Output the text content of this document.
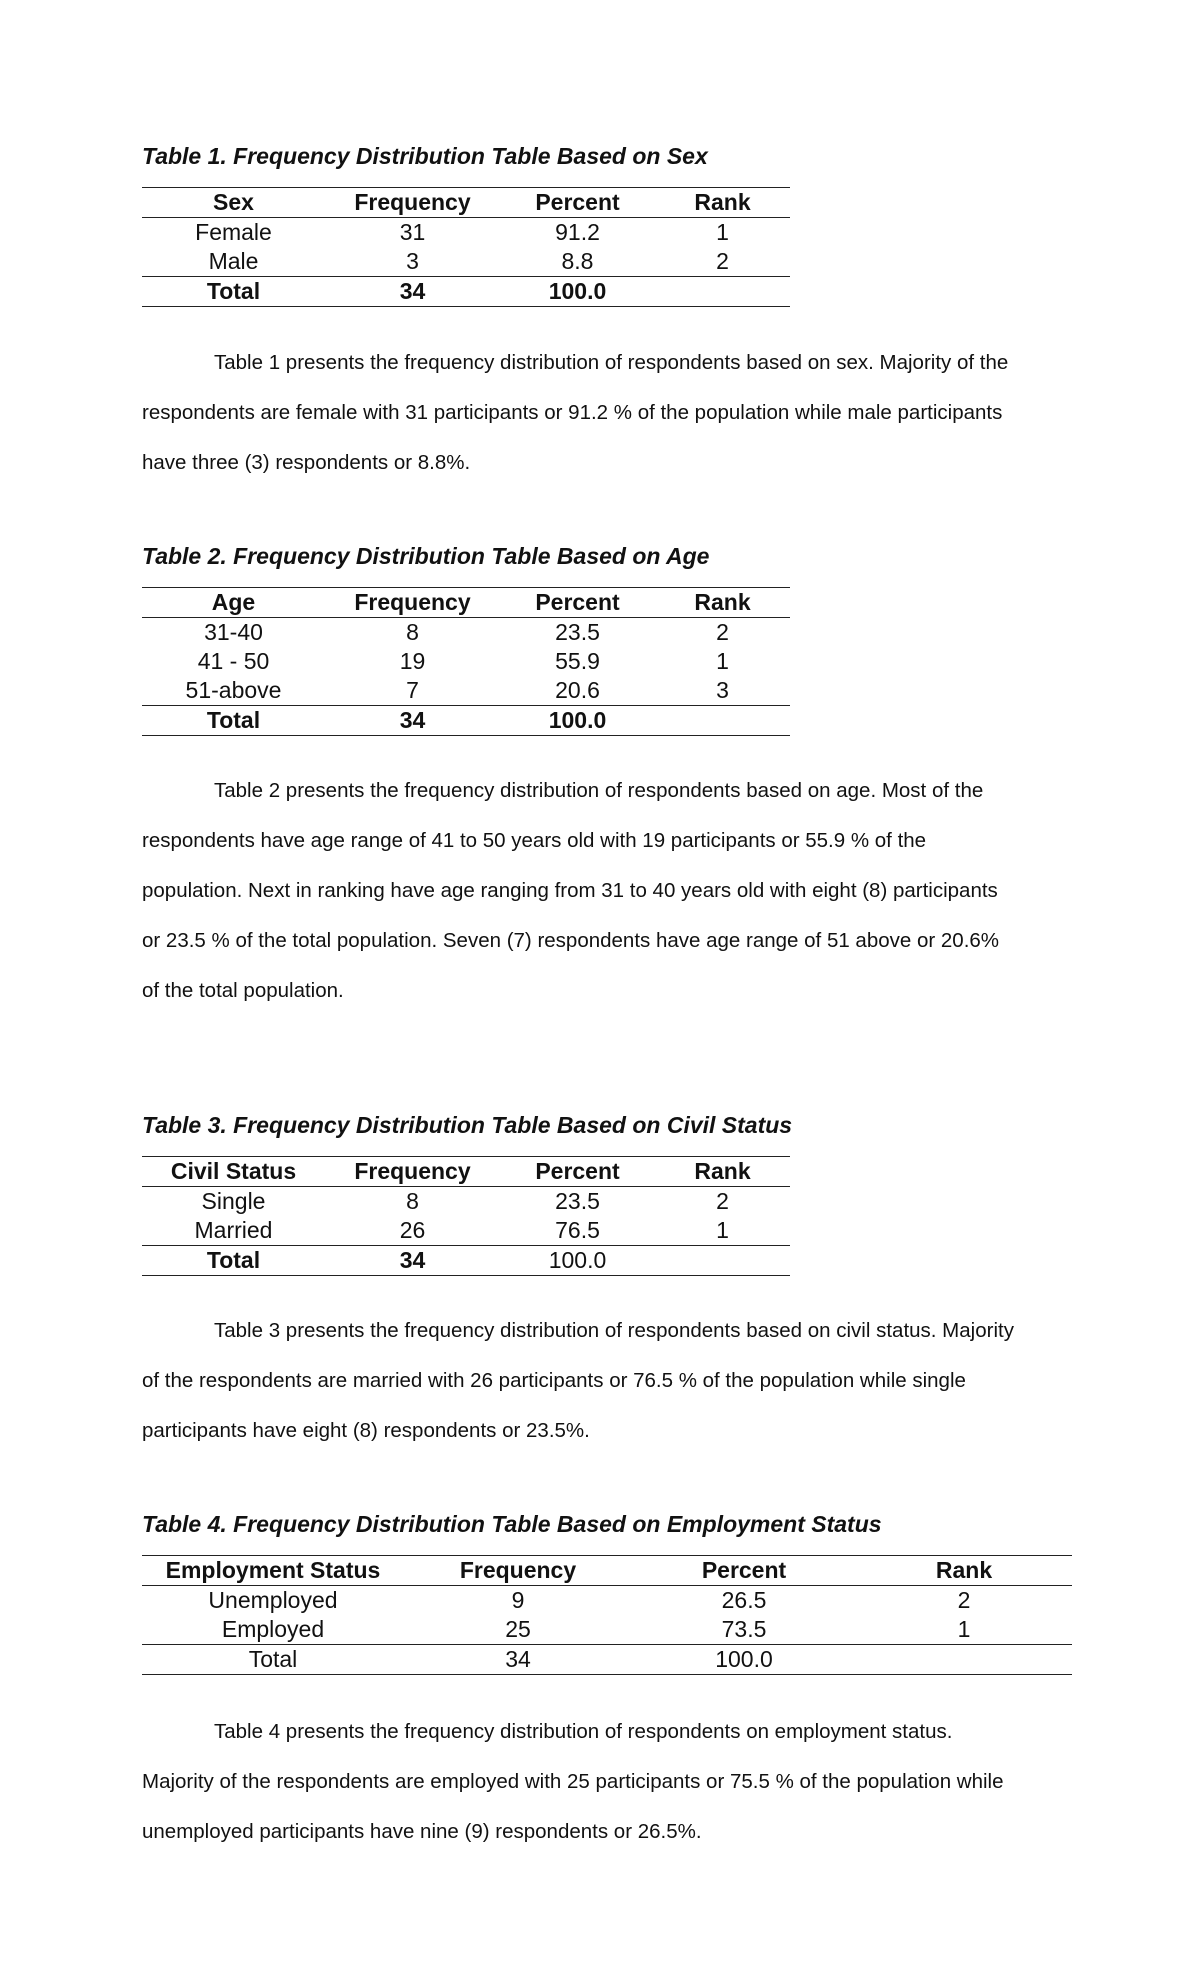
Table 1. Frequency Distribution Table Based on Sex

Sex	Frequency	Percent	Rank
Female	31	91.2	1
Male	3	8.8	2
Total	34	100.0	
Table 1 presents the frequency distribution of respondents based on sex. Majority of the
respondents are female with 31 participants or 91.2 % of the population while male participants
have three (3) respondents or 8.8%.

Table 2. Frequency Distribution Table Based on Age

Age	Frequency	Percent	Rank
31-40	8	23.5	2
41 - 50	19	55.9	1
51-above	7	20.6	3
Total	34	100.0	
Table 2 presents the frequency distribution of respondents based on age. Most of the
respondents have age range of 41 to 50 years old with 19 participants or 55.9 % of the
population. Next in ranking have age ranging from 31 to 40 years old with eight (8) participants
or 23.5 % of the total population. Seven (7) respondents have age range of 51 above or 20.6%
of the total population.

Table 3. Frequency Distribution Table Based on Civil Status

Civil Status	Frequency	Percent	Rank
Single	8	23.5	2
Married	26	76.5	1
Total	34	100.0	
Table 3 presents the frequency distribution of respondents based on civil status. Majority
of the respondents are married with 26 participants or 76.5 % of the population while single
participants have eight (8) respondents or 23.5%.

Table 4. Frequency Distribution Table Based on Employment Status

Employment Status	Frequency	Percent	Rank
Unemployed	9	26.5	2
Employed	25	73.5	1
Total	34	100.0	
Table 4 presents the frequency distribution of respondents on employment status.
Majority of the respondents are employed with 25 participants or 75.5 % of the population while
unemployed participants have nine (9) respondents or 26.5%.
